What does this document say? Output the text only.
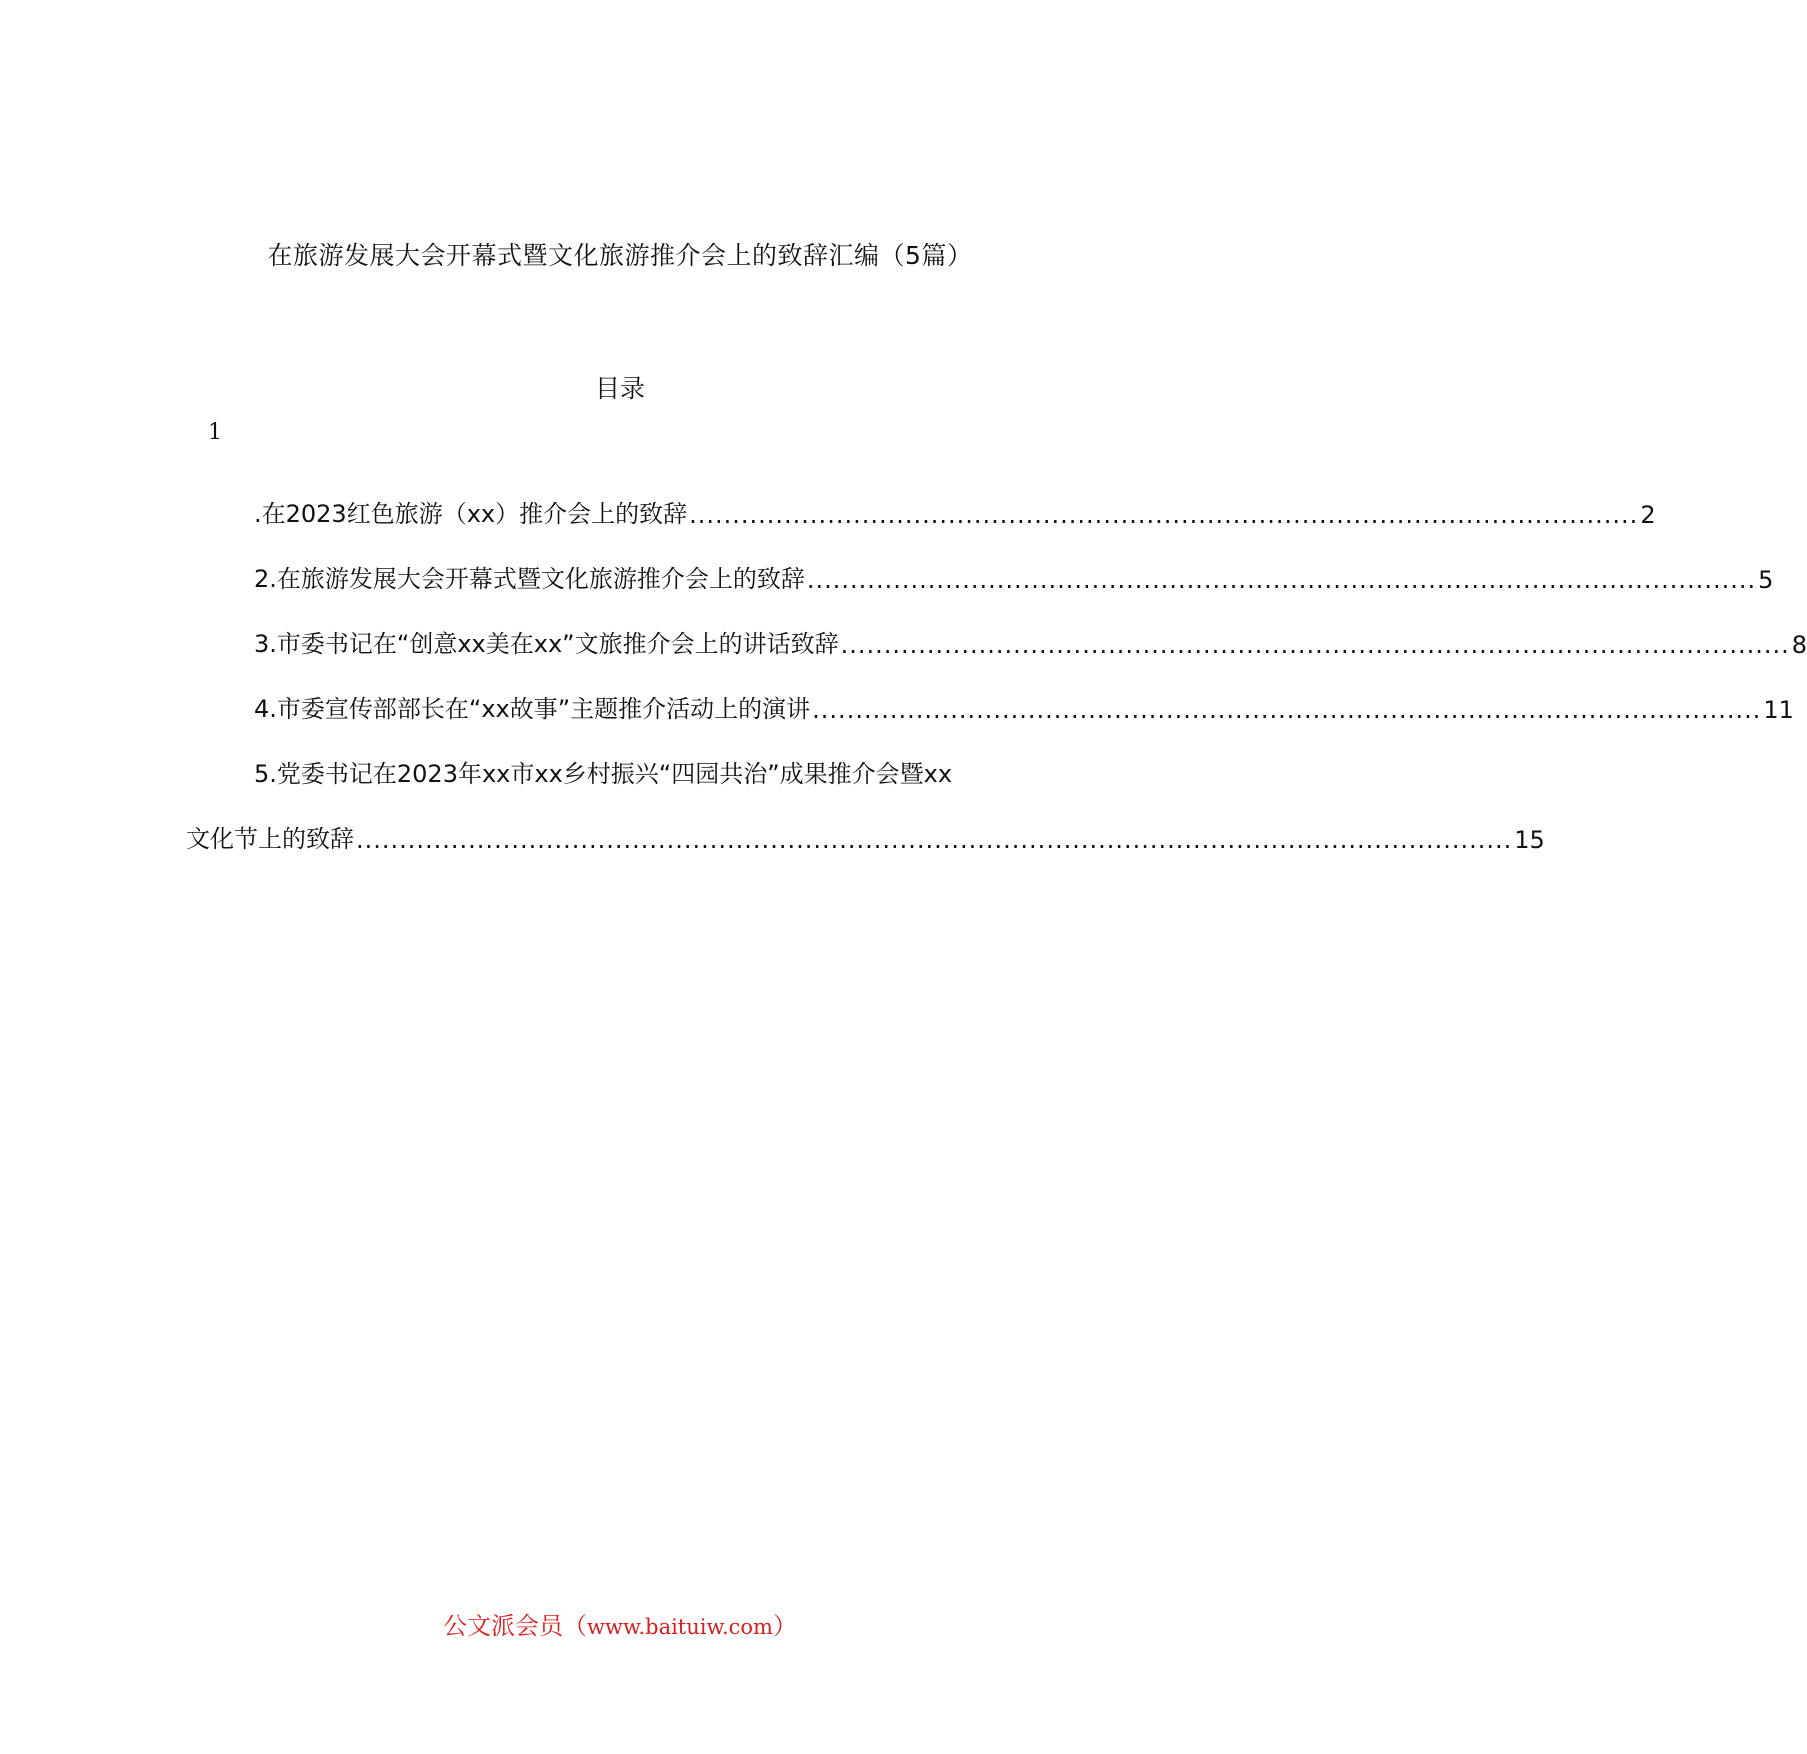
在旅游发展大会开幕式暨文化旅游推介会上的致辞汇编（5篇）
目录
1
.在2023红色旅游（xx）推介会上的致辞 .............................................................................................................. 2
2.在旅游发展大会开幕式暨文化旅游推介会上的致辞 .............................................................................................................. 5
3.市委书记在“创意xx美在xx”文旅推介会上的讲话致辞 .............................................................................................................. 8
4.市委宣传部部长在“xx故事”主题推介活动上的演讲 .............................................................................................................. 11
5.党委书记在2023年xx市xx乡村振兴“四园共治”成果推介会暨xx
文化节上的致辞 ...................................................................................................................................... 15
公文派会员（www.baituiw.com）
